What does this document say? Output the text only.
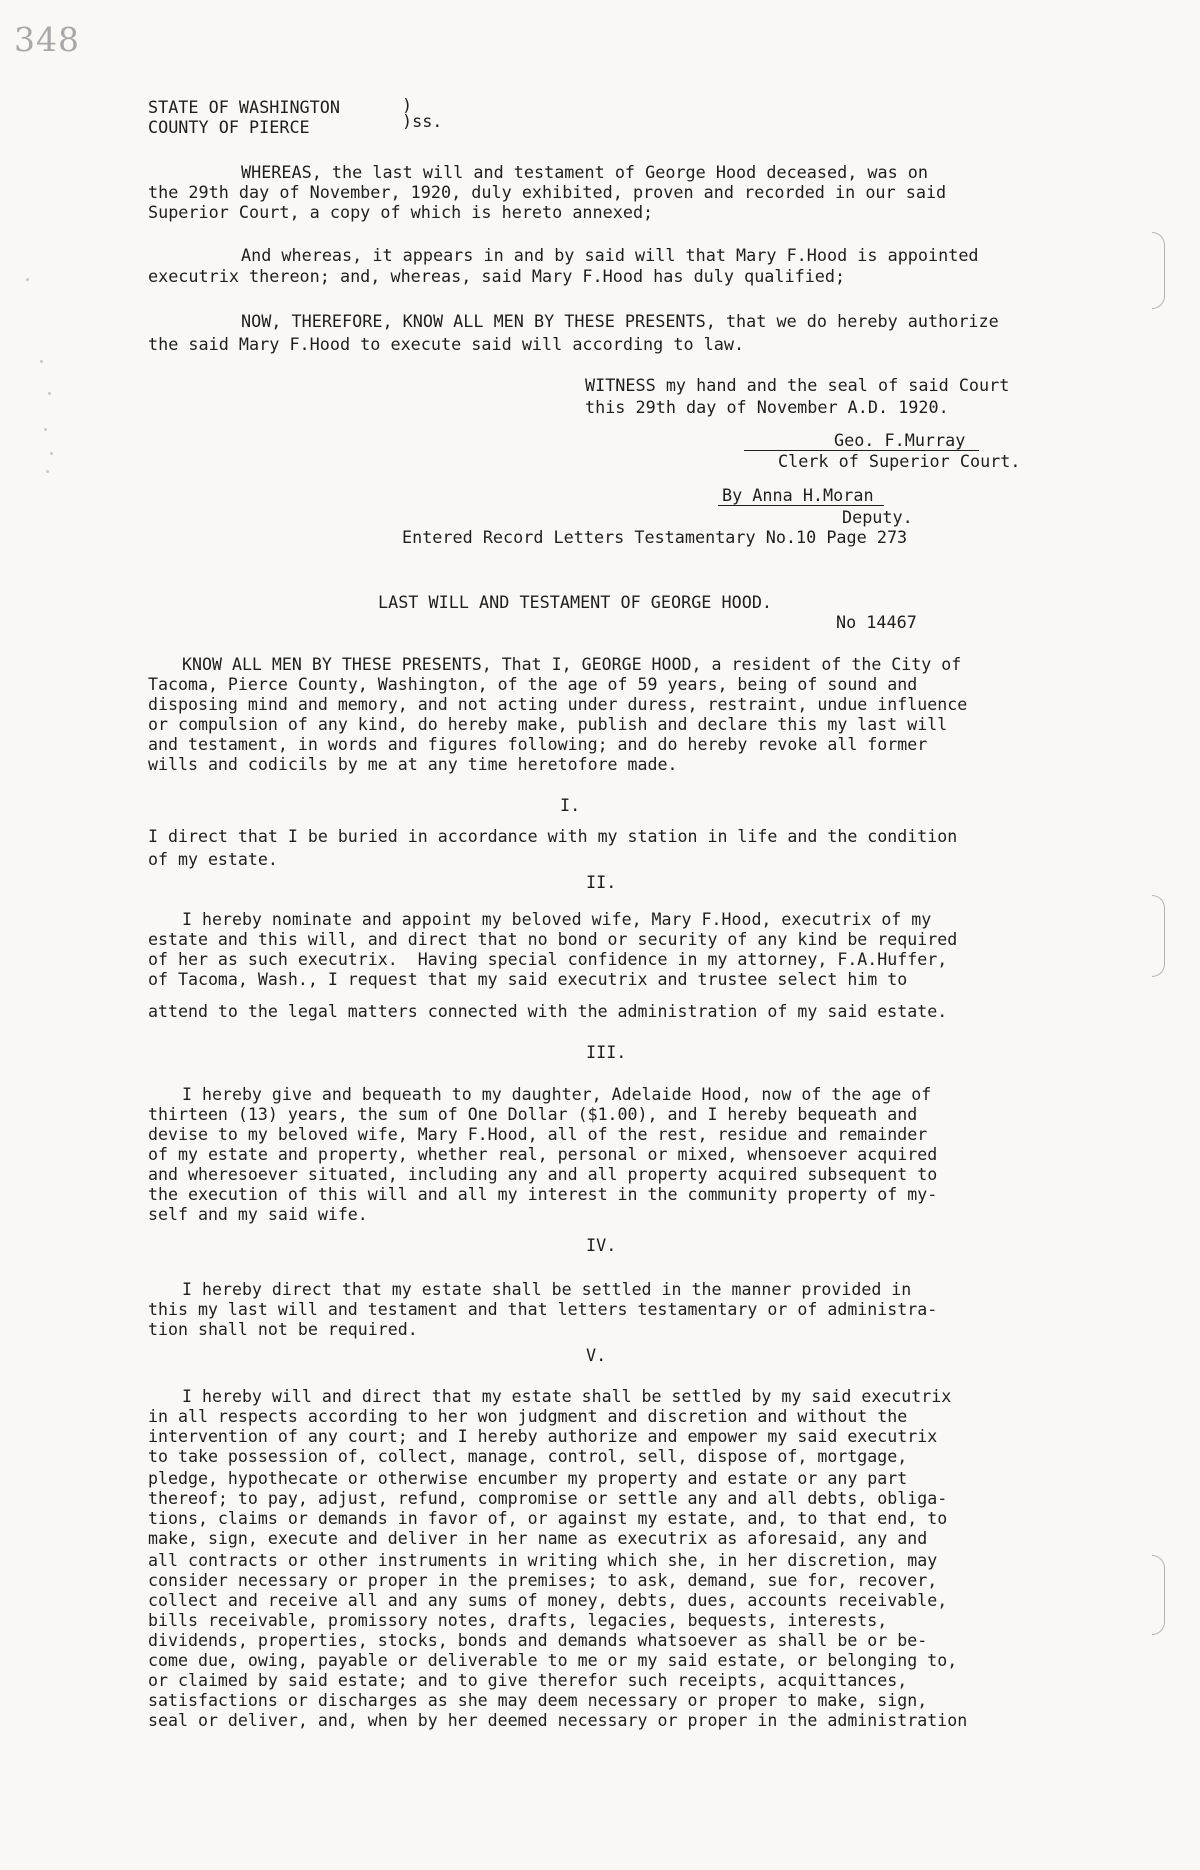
348
STATE OF WASHINGTON
COUNTY OF PIERCE
)
)ss.
WHEREAS, the last will and testament of George Hood deceased, was on
the 29th day of November, 1920, duly exhibited, proven and recorded in our said
Superior Court, a copy of which is hereto annexed;
And whereas, it appears in and by said will that Mary F.Hood is appointed
executrix thereon; and, whereas, said Mary F.Hood has duly qualified;
NOW, THEREFORE, KNOW ALL MEN BY THESE PRESENTS, that we do hereby authorize
the said Mary F.Hood to execute said will according to law.
WITNESS my hand and the seal of said Court
this 29th day of November A.D. 1920.
Geo. F.Murray
Clerk of Superior Court.
By Anna H.Moran
Deputy.
Entered Record Letters Testamentary No.10 Page 273
LAST WILL AND TESTAMENT OF GEORGE HOOD.
No 14467
KNOW ALL MEN BY THESE PRESENTS, That I, GEORGE HOOD, a resident of the City of
Tacoma, Pierce County, Washington, of the age of 59 years, being of sound and
disposing mind and memory, and not acting under duress, restraint, undue influence
or compulsion of any kind, do hereby make, publish and declare this my last will
and testament, in words and figures following; and do hereby revoke all former
wills and codicils by me at any time heretofore made.
I.
I direct that I be buried in accordance with my station in life and the condition
of my estate.
II.
I hereby nominate and appoint my beloved wife, Mary F.Hood, executrix of my
estate and this will, and direct that no bond or security of any kind be required
of her as such executrix.  Having special confidence in my attorney, F.A.Huffer,
of Tacoma, Wash., I request that my said executrix and trustee select him to
attend to the legal matters connected with the administration of my said estate.
III.
I hereby give and bequeath to my daughter, Adelaide Hood, now of the age of
thirteen (13) years, the sum of One Dollar ($1.00), and I hereby bequeath and
devise to my beloved wife, Mary F.Hood, all of the rest, residue and remainder
of my estate and property, whether real, personal or mixed, whensoever acquired
and wheresoever situated, including any and all property acquired subsequent to
the execution of this will and all my interest in the community property of my-
self and my said wife.
IV.
I hereby direct that my estate shall be settled in the manner provided in
this my last will and testament and that letters testamentary or of administra-
tion shall not be required.
V.
I hereby will and direct that my estate shall be settled by my said executrix
in all respects according to her won judgment and discretion and without the
intervention of any court; and I hereby authorize and empower my said executrix
to take possession of, collect, manage, control, sell, dispose of, mortgage,
pledge, hypothecate or otherwise encumber my property and estate or any part
thereof; to pay, adjust, refund, compromise or settle any and all debts, obliga-
tions, claims or demands in favor of, or against my estate, and, to that end, to
make, sign, execute and deliver in her name as executrix as aforesaid, any and
all contracts or other instruments in writing which she, in her discretion, may
consider necessary or proper in the premises; to ask, demand, sue for, recover,
collect and receive all and any sums of money, debts, dues, accounts receivable,
bills receivable, promissory notes, drafts, legacies, bequests, interests,
dividends, properties, stocks, bonds and demands whatsoever as shall be or be-
come due, owing, payable or deliverable to me or my said estate, or belonging to,
or claimed by said estate; and to give therefor such receipts, acquittances,
satisfactions or discharges as she may deem necessary or proper to make, sign,
seal or deliver, and, when by her deemed necessary or proper in the administration
